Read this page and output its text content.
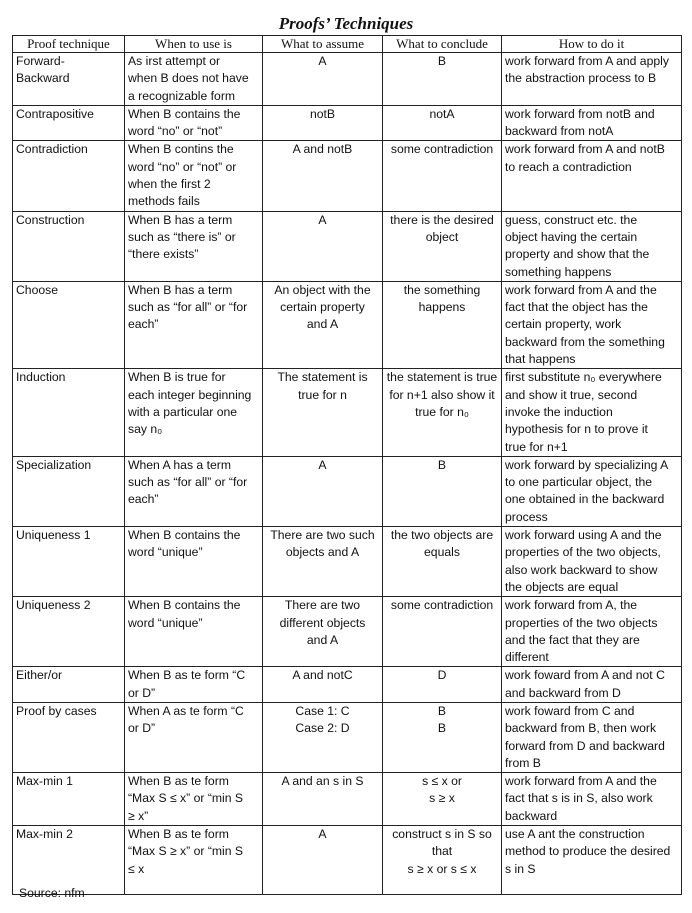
Proofs’ Techniques
Proof technique	When to use is	What to assume	What to conclude	How to do it
Forward-
Backward	As irst attempt or
when B does not have
a recognizable form	A	B	work forward from A and apply
the abstraction process to B
Contrapositive	When B contains the
word “no” or “not”	notB	notA	work forward from notB and
backward from notA
Contradiction	When B contins the
word “no” or “not” or
when the first 2
methods fails	A and notB	some contradiction	work forward from A and notB
to reach a contradiction
Construction	When B has a term
such as “there is” or
“there exists”	A	there is the desired
object	guess, construct etc. the
object having the certain
property and show that the
something happens
Choose	When B has a term
such as “for all” or “for
each”	An object with the
certain property
and A	the something
happens	work forward from A and the
fact that the object has the
certain property, work
backward from the something
that happens
Induction	When B is true for
each integer beginning
with a particular one
say n₀	The statement is
true for n	the statement is true
for n+1 also show it
true for n₀	first substitute n₀ everywhere
and show it true, second
invoke the induction
hypothesis for n to prove it
true for n+1
Specialization	When A has a term
such as “for all” or “for
each”	A	B	work forward by specializing A
to one particular object, the
one obtained in the backward
process
Uniqueness 1	When B contains the
word “unique”	There are two such
objects and A	the two objects are
equals	work forward using A and the
properties of the two objects,
also work backward to show
the objects are equal
Uniqueness 2	When B contains the
word “unique”	There are two
different objects
and A	some contradiction	work forward from A, the
properties of the two objects
and the fact that they are
different
Either/or	When B as te form “C
or D”	A and notC	D	work foward from A and not C
and backward from D
Proof by cases	When A as te form “C
or D”	Case 1: C
Case 2: D	B
B	work foward from C and
backward from B, then work
forward from D and backward
from B
Max-min 1	When B as te form
“Max S ≤ x” or “min S
≥ x”	A and an s in S	s ≤ x or
s ≥ x	work forward from A and the
fact that s is in S, also work
backward
Max-min 2	When B as te form
“Max S ≥ x” or “min S
≤ x	A	construct s in S so
that
s ≥ x or s ≤ x	use A ant the construction
method to produce the desired
s in S
Source: nfm
